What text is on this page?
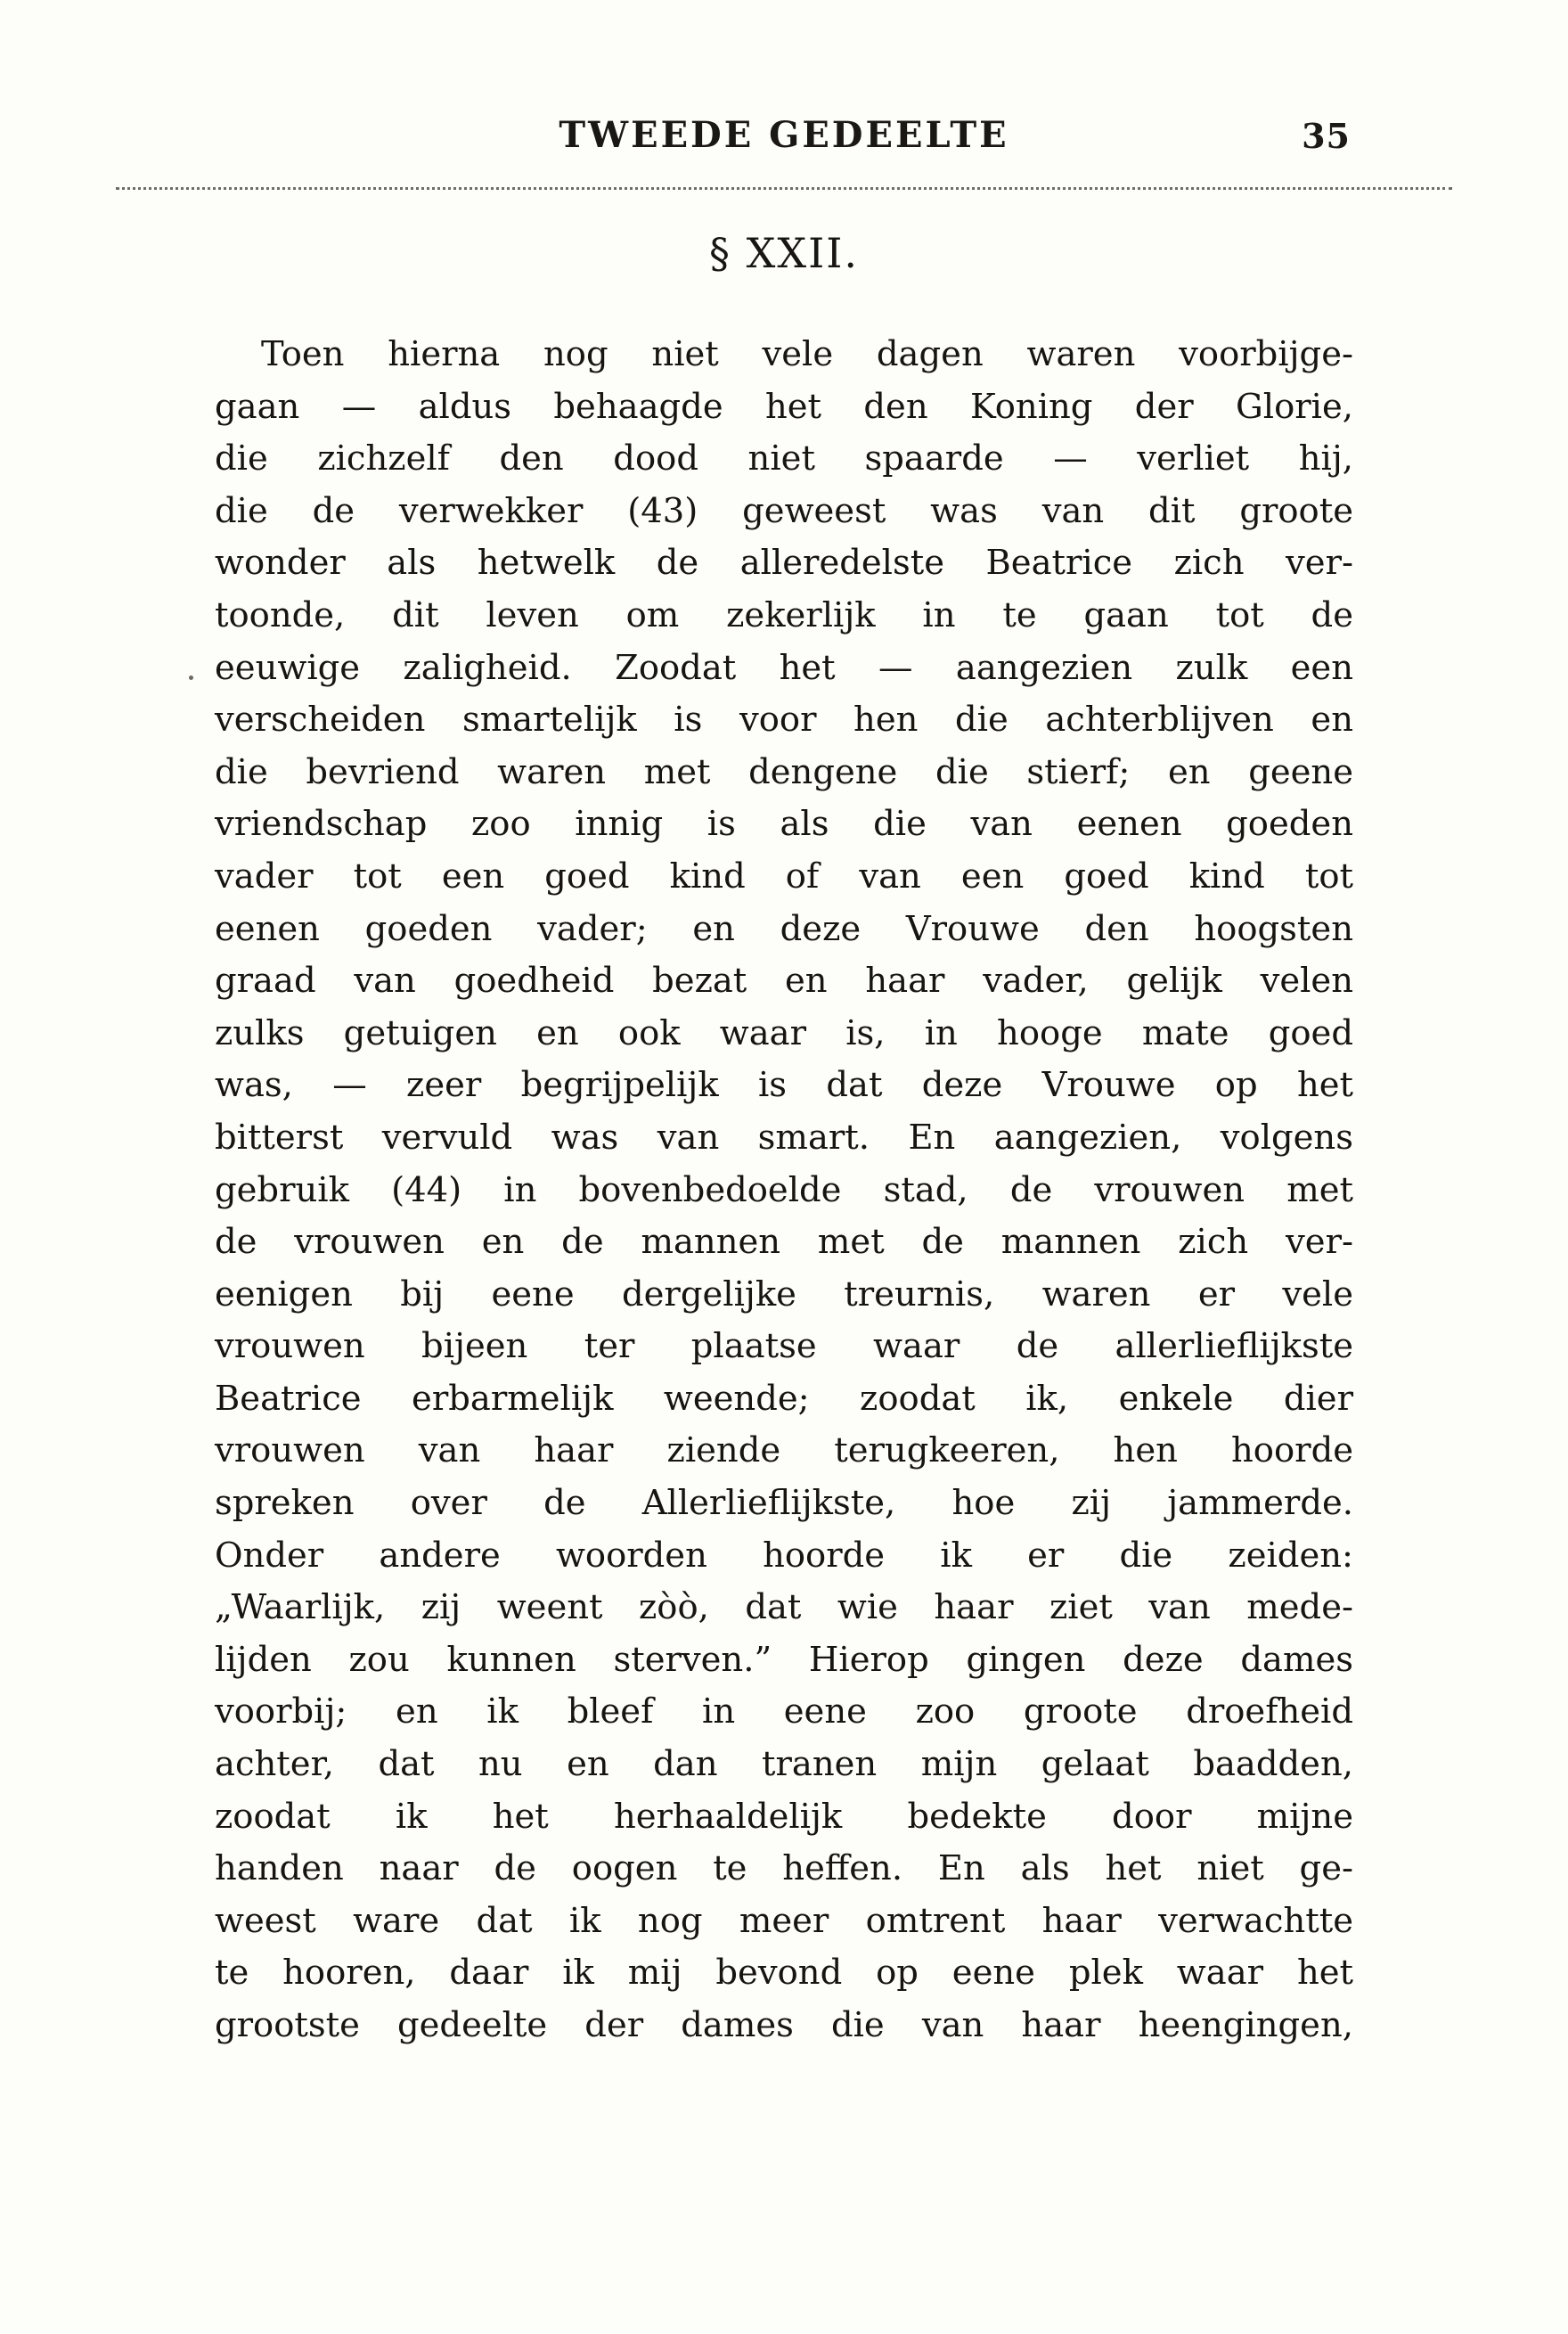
TWEEDE GEDEELTE	35
§ XXII.
Toen hierna nog niet vele dagen waren voorbijge-
gaan — aldus behaagde het den Koning der Glorie,
die zichzelf den dood niet spaarde — verliet hij,
die de verwekker (43) geweest was van dit groote
wonder als hetwelk de alleredelste Beatrice zich ver-
toonde, dit leven om zekerlijk in te gaan tot de
eeuwige zaligheid. Zoodat het — aangezien zulk een
verscheiden smartelijk is voor hen die achterblijven en
die bevriend waren met dengene die stierf; en geene
vriendschap zoo innig is als die van eenen goeden
vader tot een goed kind of van een goed kind tot
eenen goeden vader; en deze Vrouwe den hoogsten
graad van goedheid bezat en haar vader, gelijk velen
zulks getuigen en ook waar is, in hooge mate goed
was, — zeer begrijpelijk is dat deze Vrouwe op het
bitterst vervuld was van smart. En aangezien, volgens
gebruik (44) in bovenbedoelde stad, de vrouwen met
de vrouwen en de mannen met de mannen zich ver-
eenigen bij eene dergelijke treurnis, waren er vele
vrouwen bijeen ter plaatse waar de allerlieflijkste
Beatrice erbarmelijk weende; zoodat ik, enkele dier
vrouwen van haar ziende terugkeeren, hen hoorde
spreken over de Allerlieflijkste, hoe zij jammerde.
Onder andere woorden hoorde ik er die zeiden:
„Waarlijk, zij weent zòò, dat wie haar ziet van mede-
lijden zou kunnen sterven.” Hierop gingen deze dames
voorbij; en ik bleef in eene zoo groote droefheid
achter, dat nu en dan tranen mijn gelaat baadden,
zoodat ik het herhaaldelijk bedekte door mijne
handen naar de oogen te heffen. En als het niet ge-
weest ware dat ik nog meer omtrent haar verwachtte
te hooren, daar ik mij bevond op eene plek waar het
grootste gedeelte der dames die van haar heengingen,
